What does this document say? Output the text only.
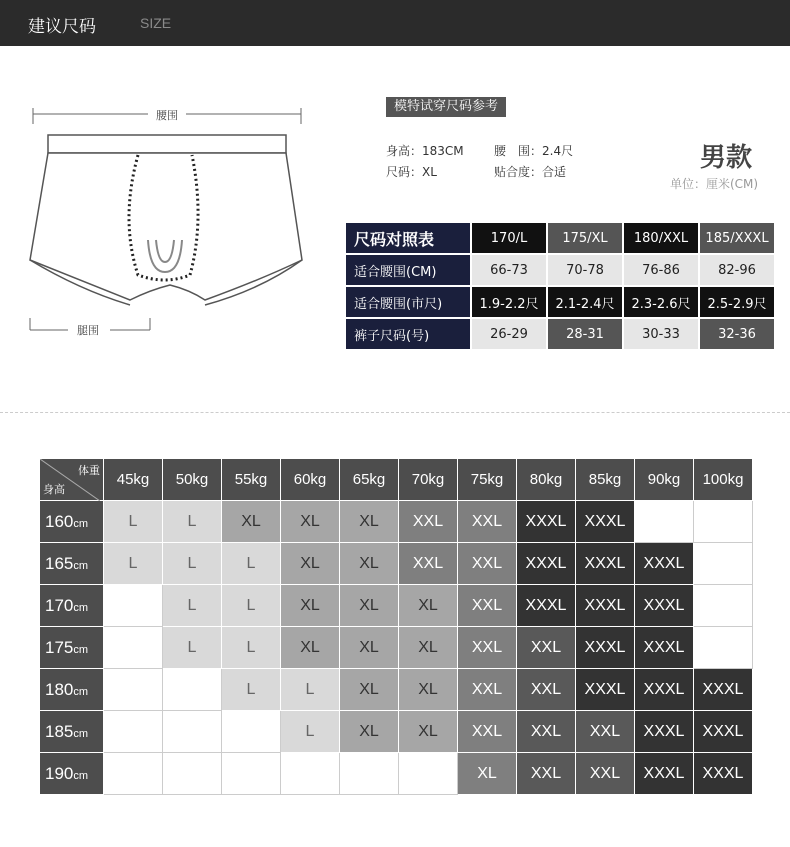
建议尺码	SIZE
腰围
腿围
模特试穿尺码参考
身高：183CM	腰　围：2.4尺
尺码：XL	贴合度：合适	男款
单位：厘米(CM)
尺码对照表	170/L	175/XL	180/XXL	185/XXXL
适合腰围(CM)	66-73	70-78	76-86	82-96
适合腰围(市尺)	1.9-2.2尺	2.1-2.4尺	2.3-2.6尺	2.5-2.9尺
裤子尺码(号)	26-29	28-31	30-33	32-36
体重
身高	45kg	50kg	55kg	60kg	65kg	70kg	75kg	80kg	85kg	90kg	100kg
160cm	L	L	XL	XL	XL	XXL	XXL	XXXL	XXXL		
165cm	L	L	L	XL	XL	XXL	XXL	XXXL	XXXL	XXXL	
170cm		L	L	XL	XL	XL	XXL	XXXL	XXXL	XXXL	
175cm		L	L	XL	XL	XL	XXL	XXL	XXXL	XXXL	
180cm			L	L	XL	XL	XXL	XXL	XXXL	XXXL	XXXL
185cm				L	XL	XL	XXL	XXL	XXL	XXXL	XXXL
190cm							XL	XXL	XXL	XXXL	XXXL
